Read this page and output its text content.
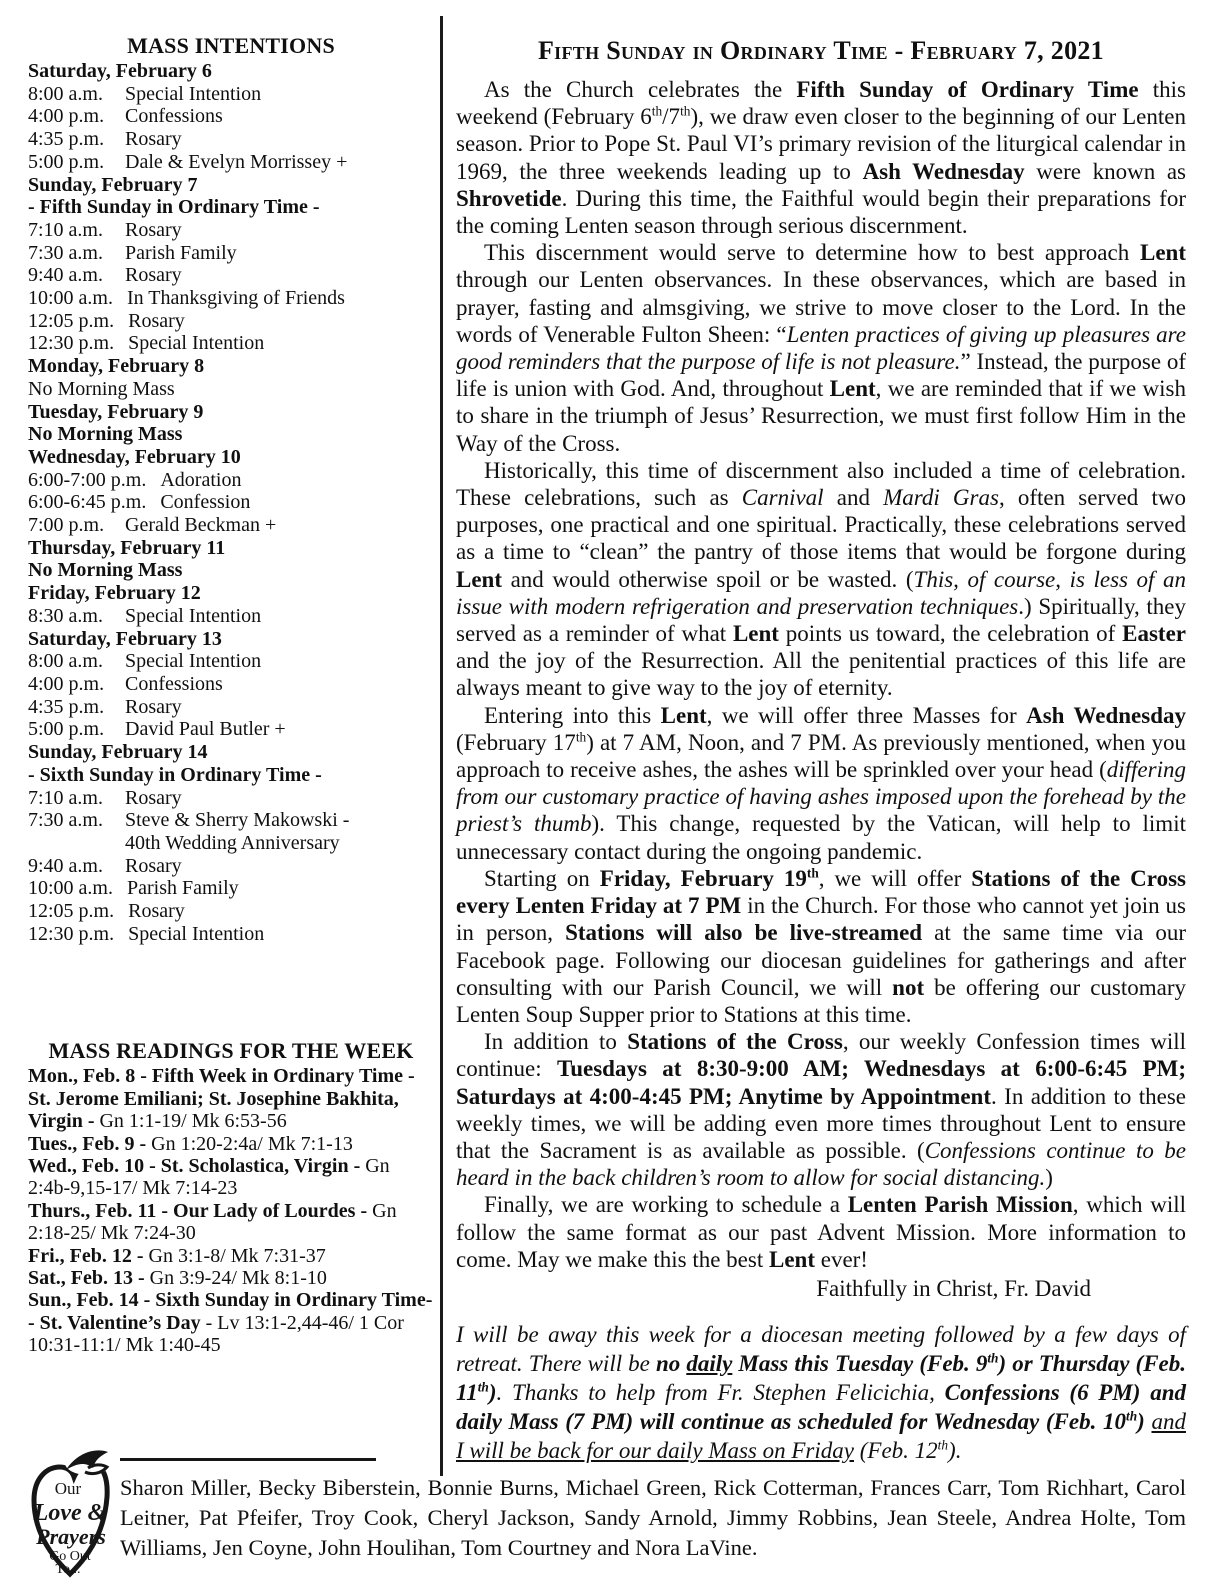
MASS INTENTIONS
Saturday, February 6
8:00 a.m.	Special Intention
4:00 p.m.	Confessions
4:35 p.m.	Rosary
5:00 p.m.	Dale & Evelyn Morrissey +
Sunday, February 7
- Fifth Sunday in Ordinary Time -
7:10 a.m.	Rosary
7:30 a.m.	Parish Family
9:40 a.m.	Rosary
10:00 a.m. In Thanksgiving of Friends
12:05 p.m. Rosary
12:30 p.m. Special Intention
Monday, February 8
No Morning Mass
Tuesday, February 9
No Morning Mass
Wednesday, February 10
6:00-7:00 p.m. Adoration
6:00-6:45 p.m. Confession
7:00 p.m.	Gerald Beckman +
Thursday, February 11
No Morning Mass
Friday, February 12
8:30 a.m.	Special Intention
Saturday, February 13
8:00 a.m.	Special Intention
4:00 p.m.	Confessions
4:35 p.m.	Rosary
5:00 p.m.	David Paul Butler +
Sunday, February 14
- Sixth Sunday in Ordinary Time -
7:10 a.m.	Rosary
7:30 a.m.	Steve & Sherry Makowski -
40th Wedding Anniversary
9:40 a.m.	Rosary
10:00 a.m. Parish Family
12:05 p.m. Rosary
12:30 p.m. Special Intention
MASS READINGS FOR THE WEEK

Mon., Feb. 8 - Fifth Week in Ordinary Time - St. Jerome Emiliani; St. Josephine Bakhita, Virgin - Gn 1:1-19/ Mk 6:53-56

Tues., Feb. 9 - Gn 1:20-2:4a/ Mk 7:1-13

Wed., Feb. 10 - St. Scholastica, Virgin - Gn 2:4b-9,15-17/ Mk 7:14-23

Thurs., Feb. 11 - Our Lady of Lourdes - Gn 2:18-25/ Mk 7:24-30

Fri., Feb. 12 - Gn 3:1-8/ Mk 7:31-37

Sat., Feb. 13 - Gn 3:9-24/ Mk 8:1-10

Sun., Feb. 14 - Sixth Sunday in Ordinary Time-- St. Valentine’s Day - Lv 13:1-2,44-46/ 1 Cor 10:31-11:1/ Mk 1:40-45

Fifth Sunday in Ordinary Time - February 7, 2021

As the Church celebrates the Fifth Sunday of Ordinary Time this weekend (February 6th/7th), we draw even closer to the beginning of our Lenten season. Prior to Pope St. Paul VI’s primary revision of the liturgical calendar in 1969, the three weekends leading up to Ash Wednesday were known as Shrovetide. During this time, the Faithful would begin their preparations for the coming Lenten season through serious discernment.

This discernment would serve to determine how to best approach Lent through our Lenten observances. In these observances, which are based in prayer, fasting and almsgiving, we strive to move closer to the Lord. In the words of Venerable Fulton Sheen: “Lenten practices of giving up pleasures are good reminders that the purpose of life is not pleasure.” Instead, the purpose of life is union with God. And, throughout Lent, we are reminded that if we wish to share in the triumph of Jesus’ Resurrection, we must first follow Him in the Way of the Cross.

Historically, this time of discernment also included a time of celebration. These celebrations, such as Carnival and Mardi Gras, often served two purposes, one practical and one spiritual. Practically, these celebrations served as a time to “clean” the pantry of those items that would be forgone during Lent and would otherwise spoil or be wasted. (This, of course, is less of an issue with modern refrigeration and preservation techniques.) Spiritually, they served as a reminder of what Lent points us toward, the celebration of Easter and the joy of the Resurrection. All the penitential practices of this life are always meant to give way to the joy of eternity.

Entering into this Lent, we will offer three Masses for Ash Wednesday (February 17th) at 7 AM, Noon, and 7 PM. As previously mentioned, when you approach to receive ashes, the ashes will be sprinkled over your head (differing from our customary practice of having ashes imposed upon the forehead by the priest’s thumb). This change, requested by the Vatican, will help to limit unnecessary contact during the ongoing pandemic.

Starting on Friday, February 19th, we will offer Stations of the Cross every Lenten Friday at 7 PM in the Church. For those who cannot yet join us in person, Stations will also be live-streamed at the same time via our Facebook page. Following our diocesan guidelines for gatherings and after consulting with our Parish Council, we will not be offering our customary Lenten Soup Supper prior to Stations at this time.

In addition to Stations of the Cross, our weekly Confession times will continue: Tuesdays at 8:30-9:00 AM; Wednesdays at 6:00-6:45 PM; Saturdays at 4:00-4:45 PM; Anytime by Appointment. In addition to these weekly times, we will be adding even more times throughout Lent to ensure that the Sacrament is as available as possible. (Confessions continue to be heard in the back children’s room to allow for social distancing.)

Finally, we are working to schedule a Lenten Parish Mission, which will follow the same format as our past Advent Mission. More information to come. May we make this the best Lent ever!

Faithfully in Christ, Fr. David

I will be away this week for a diocesan meeting followed by a few days of retreat. There will be no daily Mass this Tuesday (Feb. 9th) or Thursday (Feb. 11th). Thanks to help from Fr. Stephen Felicichia, Confessions (6 PM) and daily Mass (7 PM) will continue as scheduled for Wednesday (Feb. 10th) and I will be back for our daily Mass on Friday (Feb. 12th).

Our
Love &
Prayers
Go Out
To...

Sharon Miller, Becky Biberstein, Bonnie Burns, Michael Green, Rick Cotterman, Frances Carr, Tom Richhart, Carol Leitner, Pat Pfeifer, Troy Cook, Cheryl Jackson, Sandy Arnold, Jimmy Robbins, Jean Steele, Andrea Holte, Tom Williams, Jen Coyne, John Houlihan, Tom Courtney and Nora LaVine.
